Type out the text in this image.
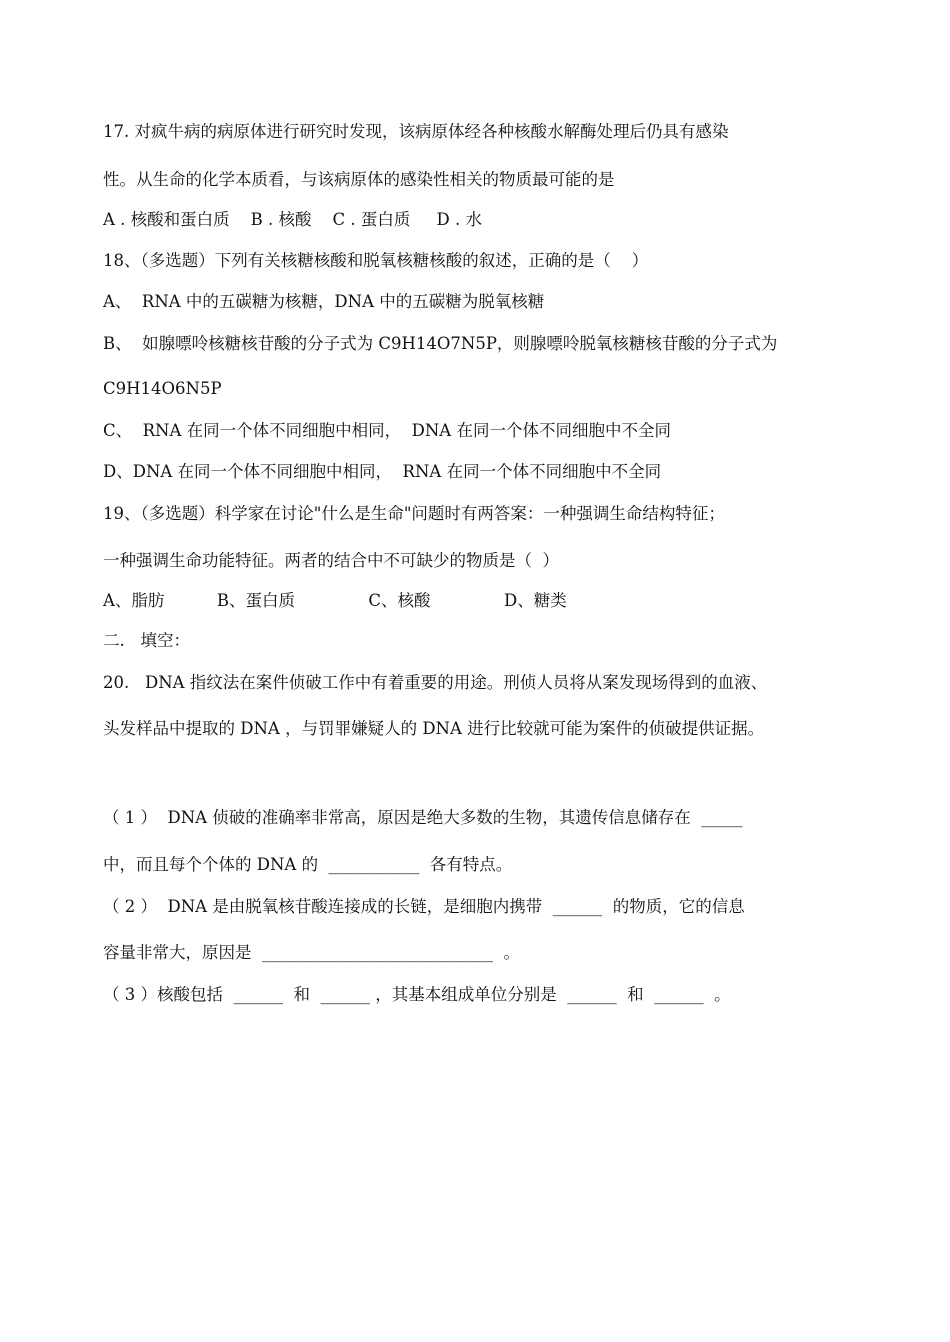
17. 对疯牛病的病原体进行研究时发现，该病原体经各种核酸水解酶处理后仍具有感染
性。从生命的化学本质看，与该病原体的感染性相关的物质最可能的是
A . 核酸和蛋白质    B . 核酸    C . 蛋白质     D . 水
18、（多选题）下列有关核糖核酸和脱氧核糖核酸的叙述，正确的是（    ）
A、  RNA 中的五碳糖为核糖，DNA 中的五碳糖为脱氧核糖
B、  如腺嘌呤核糖核苷酸的分子式为 C9H14O7N5P，则腺嘌呤脱氧核糖核苷酸的分子式为
C9H14O6N5P
C、  RNA 在同一个体不同细胞中相同，  DNA 在同一个体不同细胞中不全同
D、DNA 在同一个体不同细胞中相同，  RNA 在同一个体不同细胞中不全同
19、（多选题）科学家在讨论"什么是生命"问题时有两答案：一种强调生命结构特征；
一种强调生命功能特征。两者的结合中不可缺少的物质是（  ）
A、脂肪          B、蛋白质              C、核酸              D、糖类
二.   填空：
20.   DNA 指纹法在案件侦破工作中有着重要的用途。刑侦人员将从案发现场得到的血液、
头发样品中提取的 DNA ，与罚罪嫌疑人的 DNA 进行比较就可能为案件的侦破提供证据。
（ 1 ）  DNA 侦破的准确率非常高，原因是绝大多数的生物，其遗传信息储存在  _____
中，而且每个个体的 DNA 的  ___________  各有特点。
（ 2 ）  DNA 是由脱氧核苷酸连接成的长链，是细胞内携带  ______  的物质，它的信息
容量非常大，原因是  ____________________________  。
（ 3 ）核酸包括  ______  和  ______ ，其基本组成单位分别是  ______  和  ______  。
